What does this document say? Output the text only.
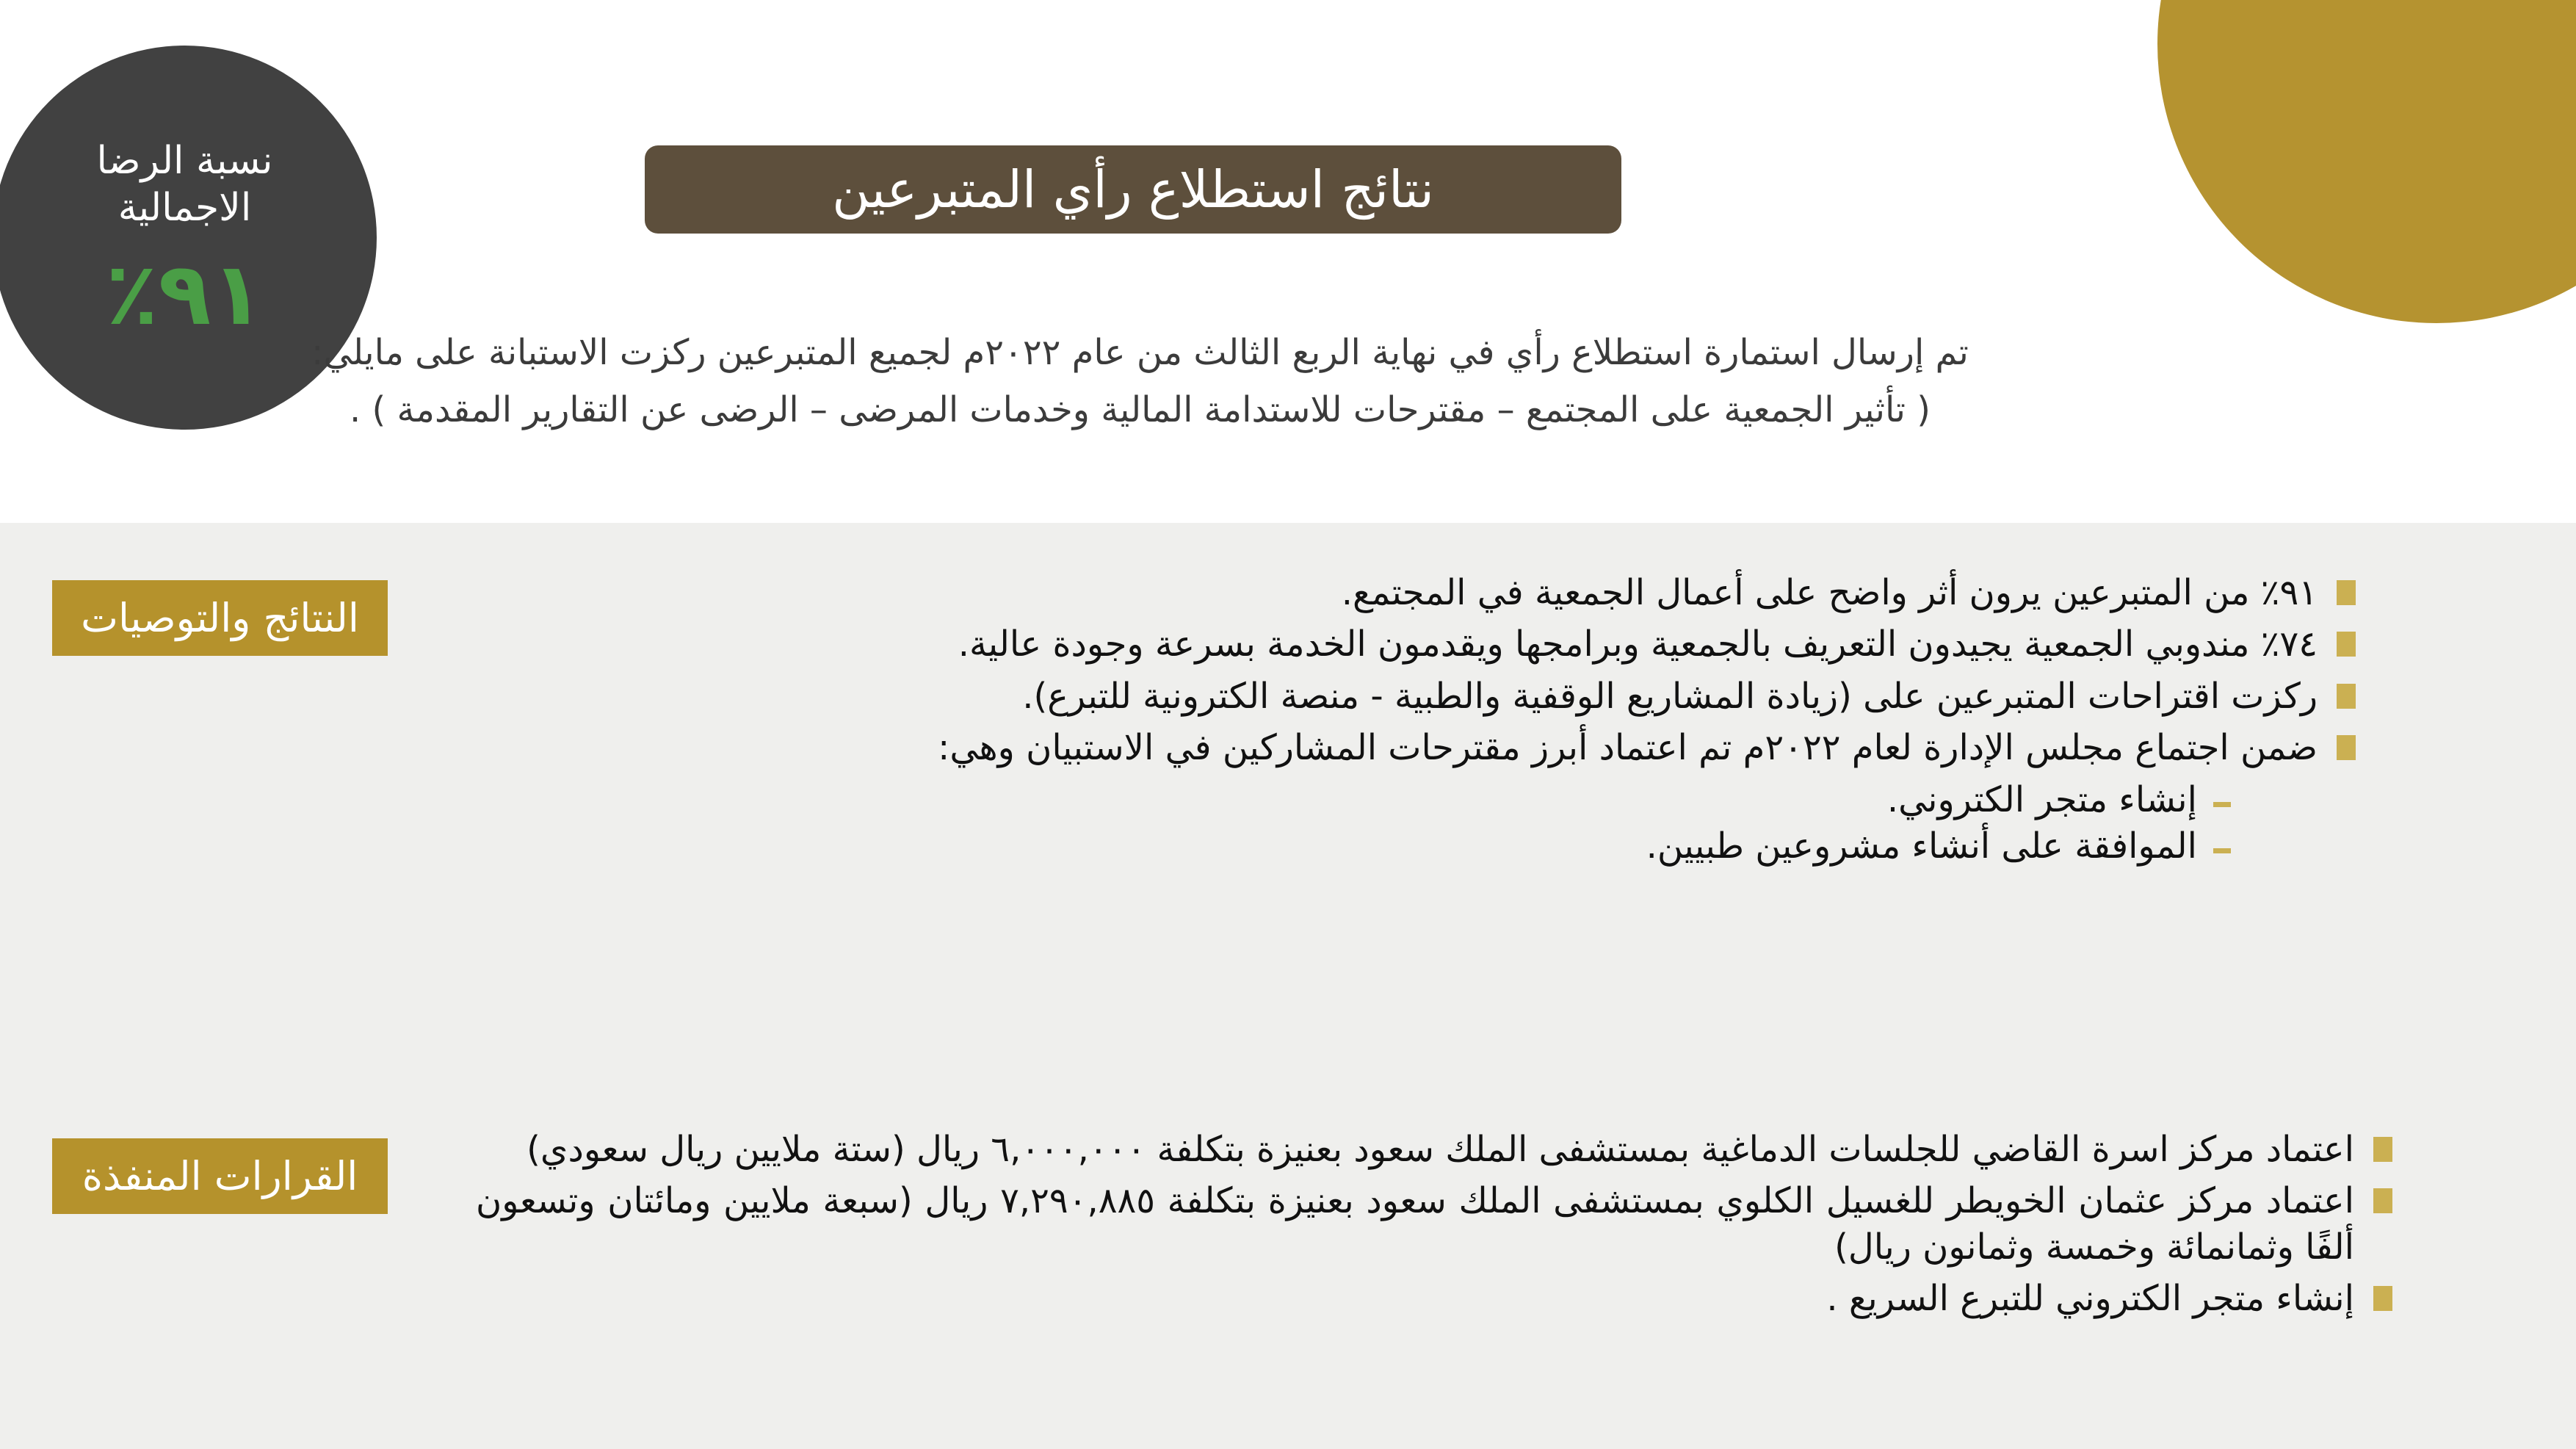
نسبة الرضا الاجمالية
٩١٪
نتائج استطلاع رأي المتبرعين
تم إرسال استمارة استطلاع رأي في نهاية الربع الثالث من عام ٢٠٢٢م لجميع المتبرعين ركزت الاستبانة على مايلي:
( تأثير الجمعية على المجتمع – مقترحات للاستدامة المالية وخدمات المرضى – الرضى عن التقارير المقدمة ) .
النتائج والتوصيات
٩١٪ من المتبرعين يرون أثر واضح على أعمال الجمعية في المجتمع.
٧٤٪ مندوبي الجمعية يجيدون التعريف بالجمعية وبرامجها ويقدمون الخدمة بسرعة وجودة عالية.
ركزت اقتراحات المتبرعين على (زيادة المشاريع الوقفية والطبية - منصة الكترونية للتبرع).
ضمن اجتماع مجلس الإدارة لعام ٢٠٢٢م تم اعتماد أبرز مقترحات المشاركين في الاستبيان وهي:
إنشاء متجر الكتروني.
الموافقة على أنشاء مشروعين طبيين.
القرارات المنفذة
اعتماد مركز اسرة القاضي للجلسات الدماغية بمستشفى الملك سعود بعنيزة بتكلفة ٦,٠٠٠,٠٠٠ ريال (ستة ملايين ريال سعودي)
اعتماد مركز عثمان الخويطر للغسيل الكلوي بمستشفى الملك سعود بعنيزة بتكلفة ٧,٢٩٠,٨٨٥ ريال (سبعة ملايين ومائتان وتسعون ألفًا وثمانمائة وخمسة وثمانون ريال)
إنشاء متجر الكتروني للتبرع السريع .
